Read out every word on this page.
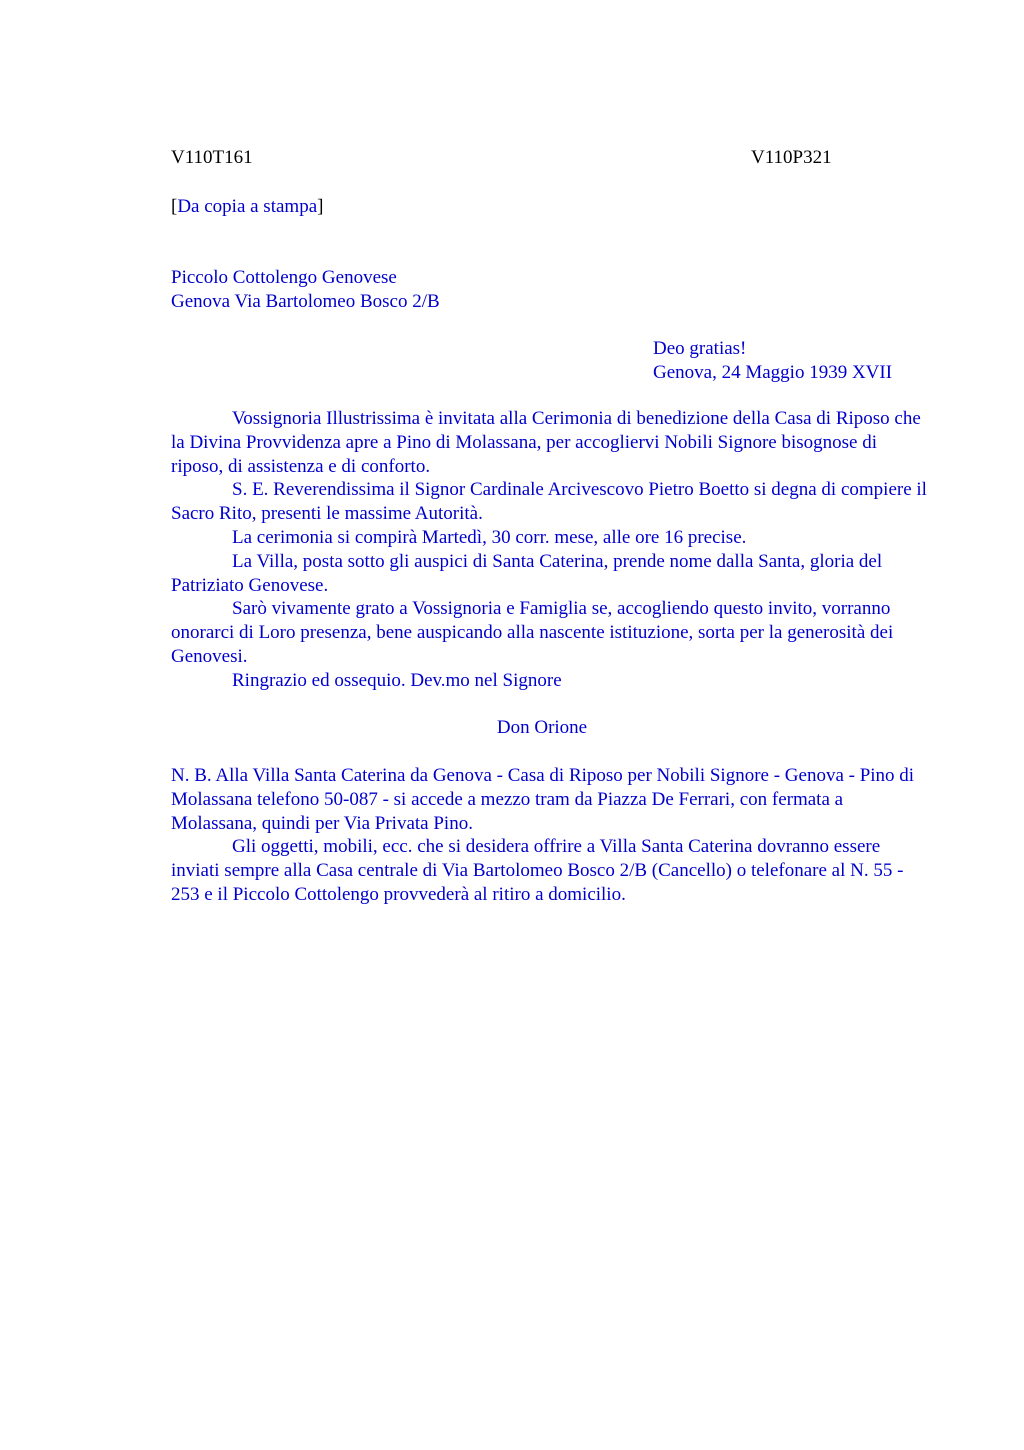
V110T161	V110P321
[Da copia a stampa]
Piccolo Cottolengo Genovese
Genova Via Bartolomeo Bosco 2/B
Deo gratias!
Genova, 24 Maggio 1939 XVII

Vossignoria Illustrissima è invitata alla Cerimonia di benedizione della Casa di Riposo che la Divina Provvidenza apre a Pino di Molassana, per accogliervi Nobili Signore bisognose di riposo, di assistenza e di conforto.

S. E. Reverendissima il Signor Cardinale Arcivescovo Pietro Boetto si degna di compiere il Sacro Rito, presenti le massime Autorità.

La cerimonia si compirà Martedì, 30 corr. mese, alle ore 16 precise.

La Villa, posta sotto gli auspici di Santa Caterina, prende nome dalla Santa, gloria del Patriziato Genovese.

Sarò vivamente grato a Vossignoria e Famiglia se, accogliendo questo invito, vorranno onorarci di Loro presenza, bene auspicando alla nascente istituzione, sorta per la generosità dei Genovesi.

Ringrazio ed ossequio. Dev.mo nel Signore

Don Orione

N. B. Alla Villa Santa Caterina da Genova - Casa di Riposo per Nobili Signore - Genova - Pino di Molassana telefono 50-087 - si accede a mezzo tram da Piazza De Ferrari, con fermata a Molassana, quindi per Via Privata Pino.

Gli oggetti, mobili, ecc. che si desidera offrire a Villa Santa Caterina dovranno essere inviati sempre alla Casa centrale di Via Bartolomeo Bosco 2/B (Cancello) o telefonare al N. 55 - 253 e il Piccolo Cottolengo provvederà al ritiro a domicilio.
